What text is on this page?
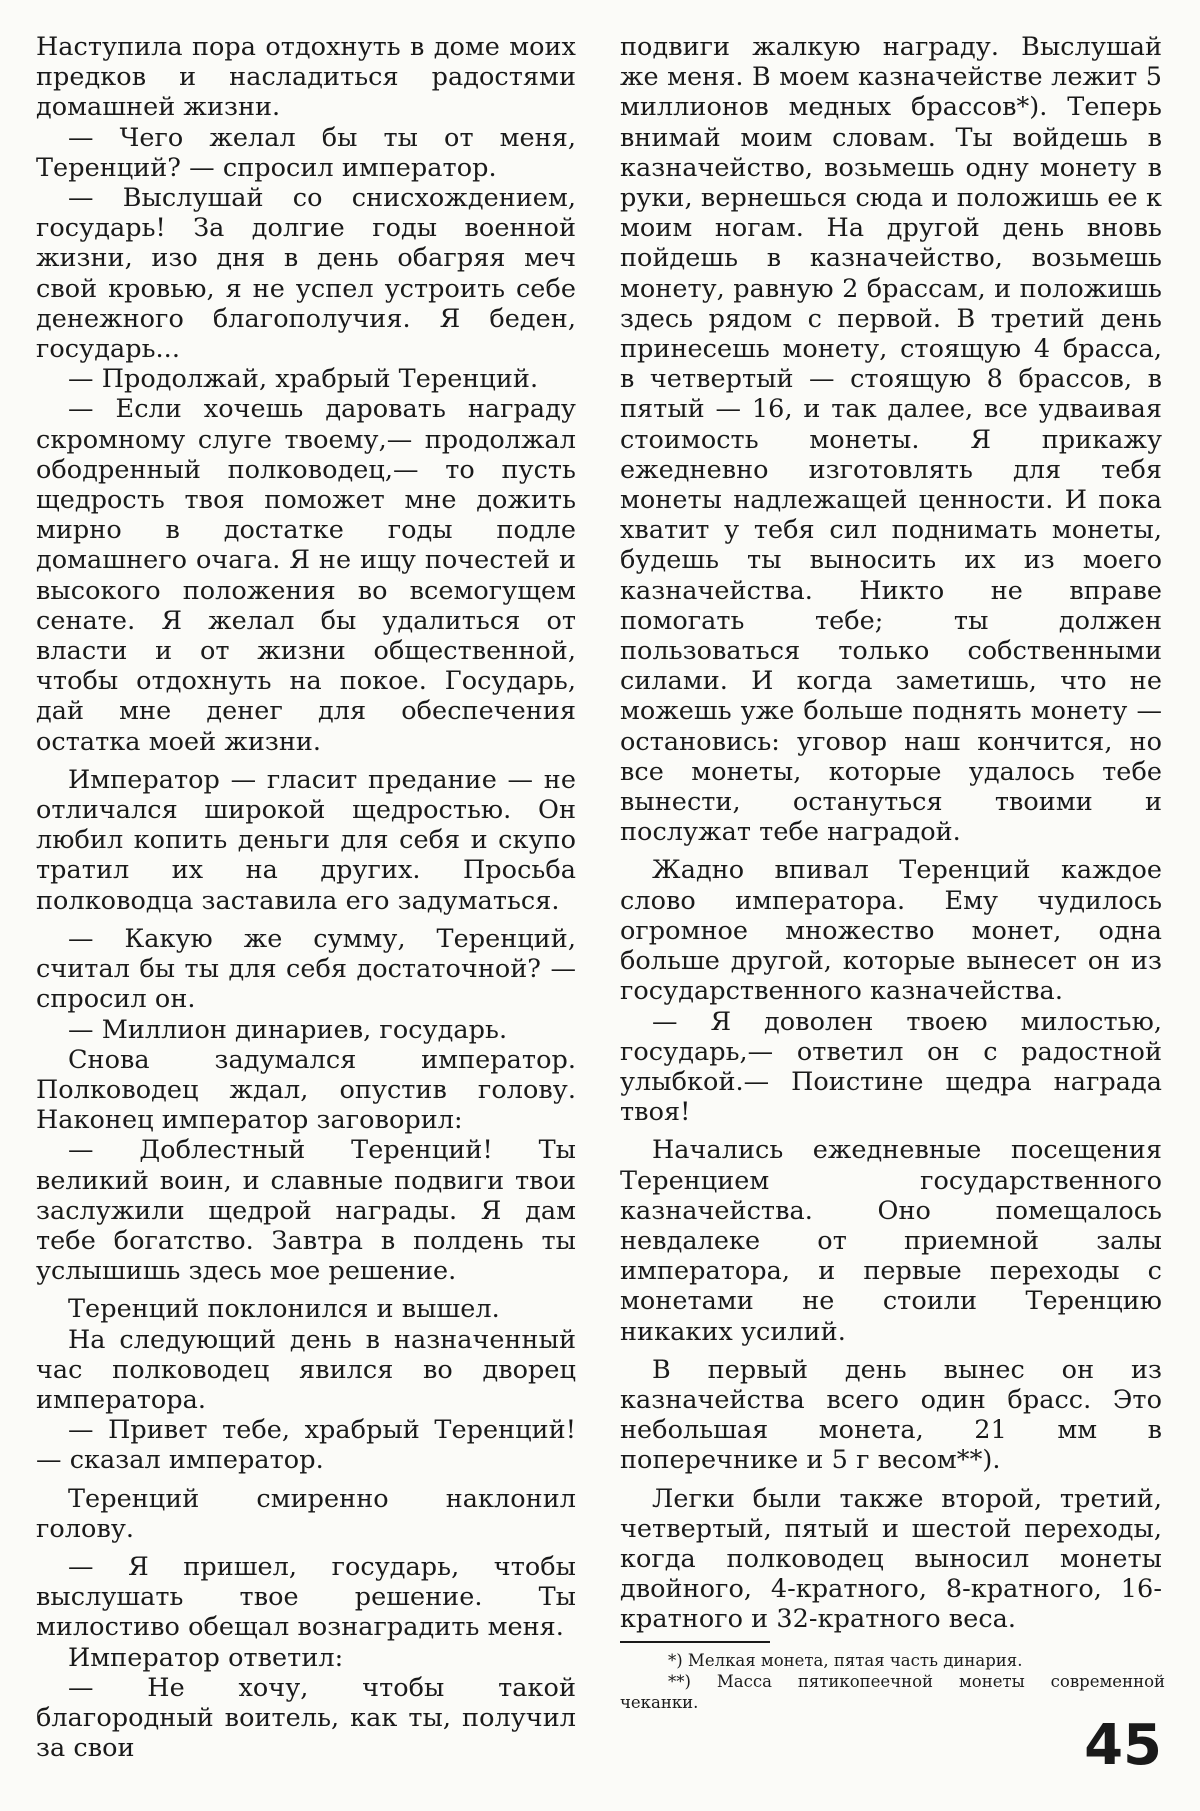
Наступила пора отдохнуть в доме моих предков и насладиться радостями домашней жизни.

— Чего желал бы ты от меня, Теренций? — спросил император.

— Выслушай со снисхождением, государь! За долгие годы военной жизни, изо дня в день обагряя меч свой кровью, я не успел устроить себе денежного благополучия. Я беден, государь...

— Продолжай, храбрый Теренций.

— Если хочешь даровать награду скромному слуге твоему,— продолжал ободренный полководец,— то пусть щедрость твоя поможет мне дожить мирно в достатке годы подле домашнего очага. Я не ищу почестей и высокого положения во всемогущем сенате. Я желал бы удалиться от власти и от жизни общественной, чтобы отдохнуть на покое. Государь, дай мне денег для обеспечения остатка моей жизни.

Император — гласит предание — не отличался широкой щедростью. Он любил копить деньги для себя и скупо тратил их на других. Просьба полководца заставила его задуматься.

— Какую же сумму, Теренций, считал бы ты для себя достаточной? — спросил он.

— Миллион динариев, государь.

Снова задумался император. Полководец ждал, опустив голову. Наконец император заговорил:

— Доблестный Теренций! Ты великий воин, и славные подвиги твои заслужили щедрой награды. Я дам тебе богатство. Завтра в полдень ты услышишь здесь мое решение.

Теренций поклонился и вышел.

На следующий день в назначенный час полководец явился во дворец императора.

— Привет тебе, храбрый Теренций! — сказал император.

Теренций смиренно наклонил голову.

— Я пришел, государь, чтобы выслушать твое решение. Ты милостиво обещал вознаградить меня.

Император ответил:

— Не хочу, чтобы такой благородный воитель, как ты, получил за свои

подвиги жалкую награду. Выслушай же меня. В моем казначействе лежит 5 миллионов медных брассов*). Теперь внимай моим словам. Ты войдешь в казначейство, возьмешь одну монету в руки, вернешься сюда и положишь ее к моим ногам. На другой день вновь пойдешь в казначейство, возьмешь монету, равную 2 брассам, и положишь здесь рядом с первой. В третий день принесешь монету, стоящую 4 брасса, в четвертый — стоящую 8 брассов, в пятый — 16, и так далее, все удваивая стоимость монеты. Я прикажу ежедневно изготовлять для тебя монеты надлежащей ценности. И пока хватит у тебя сил поднимать монеты, будешь ты выносить их из моего казначейства. Никто не вправе помогать тебе; ты должен пользоваться только собственными силами. И когда заметишь, что не можешь уже больше поднять монету — остановись: уговор наш кончится, но все монеты, которые удалось тебе вынести, остануться твоими и послужат тебе наградой.

Жадно впивал Теренций каждое слово императора. Ему чудилось огромное множество монет, одна больше другой, которые вынесет он из государственного казначейства.

— Я доволен твоею милостью, государь,— ответил он с радостной улыбкой.— Поистине щедра награда твоя!

Начались ежедневные посещения Теренцием государственного казначейства. Оно помещалось невдалеке от приемной залы императора, и первые переходы с монетами не стоили Теренцию никаких усилий.

В первый день вынес он из казначейства всего один брасс. Это небольшая монета, 21 мм в поперечнике и 5 г весом**).

Легки были также второй, третий, четвертый, пятый и шестой переходы, когда полководец выносил монеты двойного, 4-кратного, 8-кратного, 16-кратного и 32-кратного веса.

*) Мелкая монета, пятая часть динария.

**) Масса пятикопеечной монеты современной чеканки.

45
